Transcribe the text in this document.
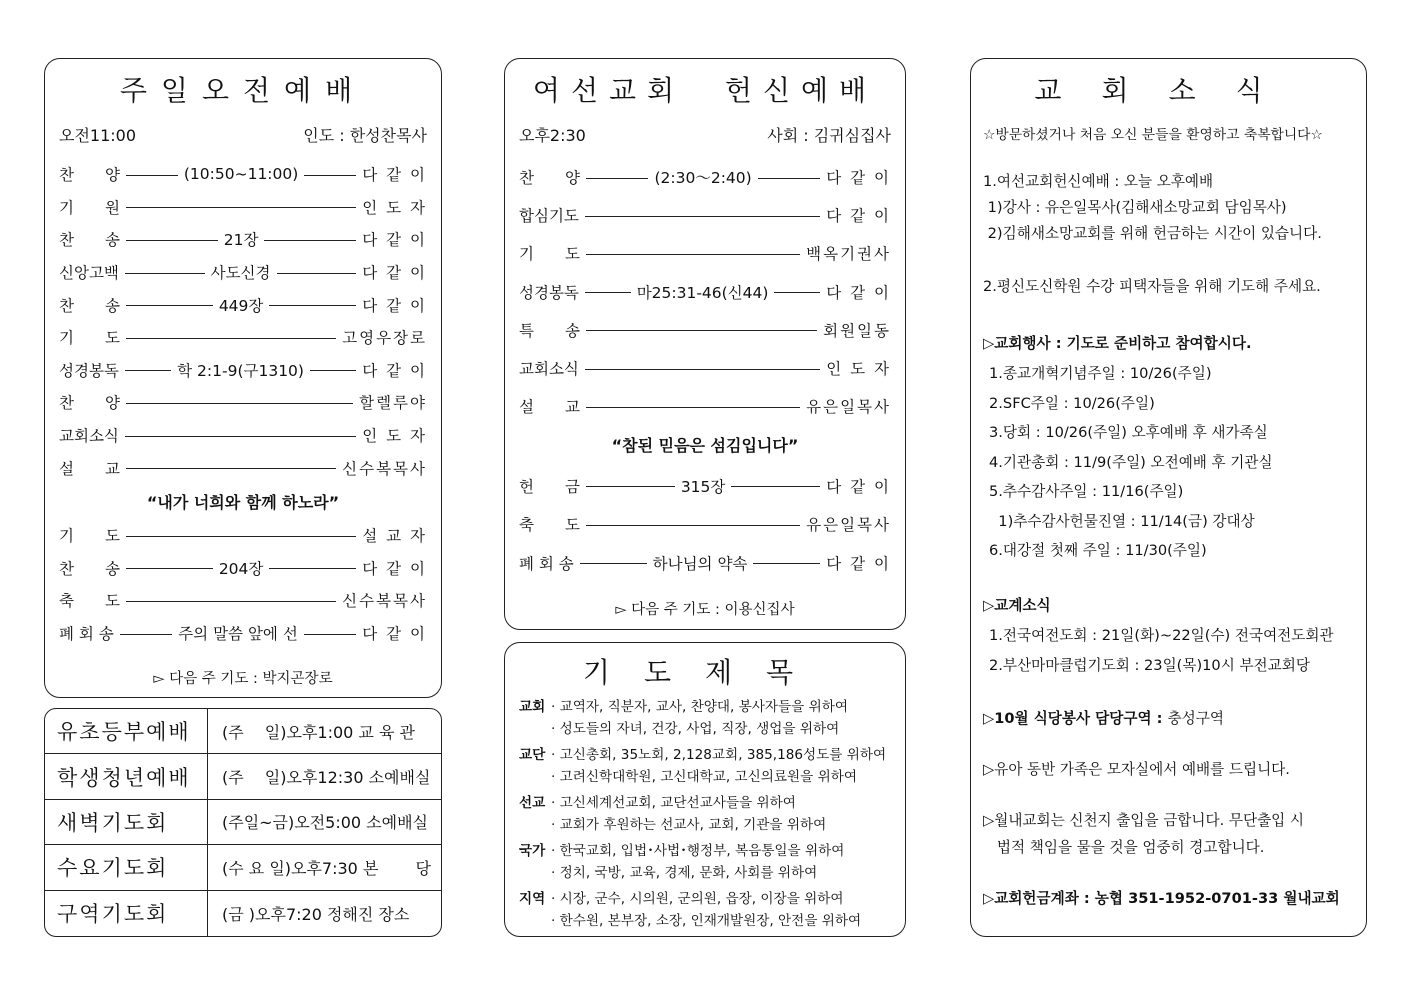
주일오전예배
오전11:00	인도 : 한성찬목사
찬　　양	(10:50~11:00)	다 같 이
기　　원	인 도 자
찬　　송	21장	다 같 이
신앙고백	사도신경	다 같 이
찬　　송	449장	다 같 이
기　　도	고영우장로
성경봉독	학 2:1-9(구1310)	다 같 이
찬　　양	할렐루야
교회소식	인 도 자
설　　교	신수복목사
“내가 너희와 함께 하노라”
기　　도	설 교 자
찬　　송	204장	다 같 이
축　　도	신수복목사
폐 회 송	주의 말씀 앞에 선	다 같 이
▻ 다음 주 기도 : 박지곤장로
유초등부예배	(주　 일)오후1:00 교 육 관
학생청년예배	(주　 일)오후12:30 소예배실
새벽기도회	(주일~금)오전5:00 소예배실
수요기도회	(수 요 일)오후7:30 본　　 당
구역기도회	(금 )오후7:20 정해진 장소
여선교회  헌신예배
오후2:30	사회 : 김귀심집사
찬　　양	(2:30～2:40)	다 같 이
합심기도	다 같 이
기　　도	백옥기권사
성경봉독	마25:31-46(신44)	다 같 이
특　　송	회원일동
교회소식	인 도 자
설　　교	유은일목사
“참된 믿음은 섬김입니다”
헌　　금	315장	다 같 이
축　　도	유은일목사
폐 회 송	하나님의 약속	다 같 이
▻ 다음 주 기도 : 이용신집사
기도제목
교회 · 교역자, 직분자, 교사, 찬양대, 봉사자들을 위하여
· 성도들의 자녀, 건강, 사업, 직장, 생업을 위하여
교단 · 고신총회, 35노회, 2,128교회, 385,186성도를 위하여
· 고려신학대학원, 고신대학교, 고신의료원을 위하여
선교 · 고신세계선교회, 교단선교사들을 위하여
· 교회가 후원하는 선교사, 교회, 기관을 위하여
국가 · 한국교회, 입법･사법･행정부, 복음통일을 위하여
· 정치, 국방, 교육, 경제, 문화, 사회를 위하여
지역 · 시장, 군수, 시의원, 군의원, 읍장, 이장을 위하여
· 한수원, 본부장, 소장, 인재개발원장, 안전을 위하여
교회소식
☆방문하셨거나 처음 오신 분들을 환영하고 축복합니다☆
1.여선교회헌신예배 : 오늘 오후예배
1)강사 : 유은일목사(김해새소망교회 담임목사)
2)김해새소망교회를 위해 헌금하는 시간이 있습니다.
2.평신도신학원 수강 피택자들을 위해 기도해 주세요.
▷교회행사 : 기도로 준비하고 참여합시다.
1.종교개혁기념주일 : 10/26(주일)
2.SFC주일 : 10/26(주일)
3.당회 : 10/26(주일) 오후예배 후 새가족실
4.기관총회 : 11/9(주일) 오전예배 후 기관실
5.추수감사주일 : 11/16(주일)
1)추수감사헌물진열 : 11/14(금) 강대상
6.대강절 첫째 주일 : 11/30(주일)
▷교계소식
1.전국여전도회 : 21일(화)~22일(수) 전국여전도회관
2.부산마마클럽기도회 : 23일(목)10시 부전교회당
▷10월 식당봉사 담당구역 : 충성구역
▷유아 동반 가족은 모자실에서 예배를 드립니다.
▷월내교회는 신천지 출입을 금합니다. 무단출입 시
법적 책임을 물을 것을 엄중히 경고합니다.
▷교회헌금계좌 : 농협 351-1952-0701-33 월내교회
